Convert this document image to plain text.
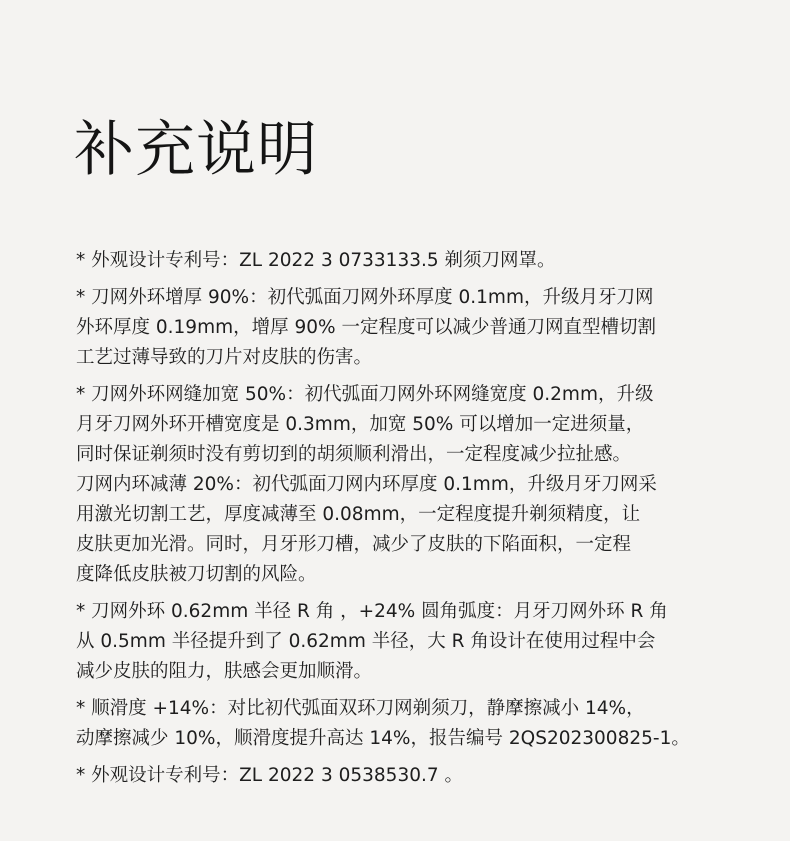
补充说明

* 外观设计专利号：ZL 2022 3 0733133.5 剃须刀网罩。

* 刀网外环增厚 90%：初代弧面刀网外环厚度 0.1mm，升级月牙刀网
外环厚度 0.19mm，增厚 90% 一定程度可以减少普通刀网直型槽切割
工艺过薄导致的刀片对皮肤的伤害。

* 刀网外环网缝加宽 50%：初代弧面刀网外环网缝宽度 0.2mm，升级
月牙刀网外环开槽宽度是 0.3mm，加宽 50% 可以增加一定进须量，
同时保证剃须时没有剪切到的胡须顺利滑出，一定程度减少拉扯感。

刀网内环减薄 20%：初代弧面刀网内环厚度 0.1mm，升级月牙刀网采
用激光切割工艺，厚度减薄至 0.08mm，一定程度提升剃须精度，让
皮肤更加光滑。同时，月牙形刀槽，减少了皮肤的下陷面积，一定程
度降低皮肤被刀切割的风险。

* 刀网外环 0.62mm 半径 R 角 ，+24% 圆角弧度：月牙刀网外环 R 角
从 0.5mm 半径提升到了 0.62mm 半径，大 R 角设计在使用过程中会
减少皮肤的阻力，肤感会更加顺滑。

* 顺滑度 +14%：对比初代弧面双环刀网剃须刀，静摩擦减小 14%，
动摩擦减少 10%，顺滑度提升高达 14%，报告编号 2QS202300825-1。

* 外观设计专利号：ZL 2022 3 0538530.7 。
